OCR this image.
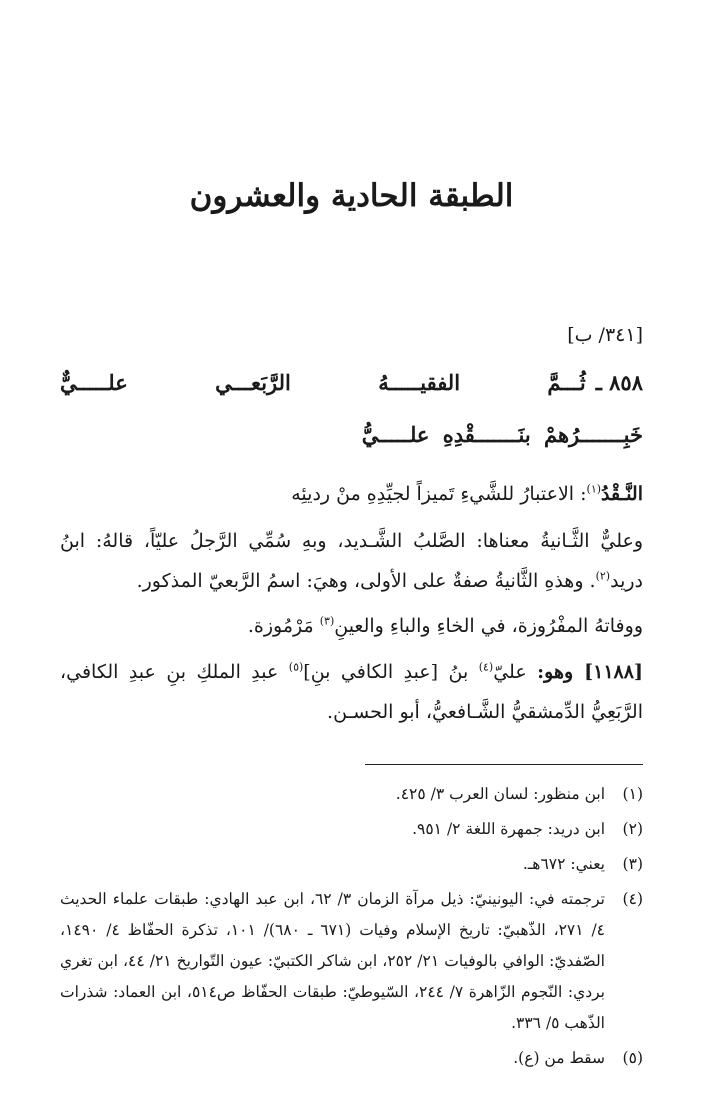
الطبقة الحادية والعشرون
[٣٤١/ ب]
٨٥٨ ـ
ثُـــمَّ الفقيـــــهُ الرَّبَعـــي علـــــيٌّ
خَبِـــــــرُهمْ بنَـــــــقْدِهِ علـــــيُّ
النَّـقْدُ$^{(١)}$: الاعتبارُ للشَّيءِ تَميزاً لجيِّدِهِ منْ رديئِه
وعليٌّ الثَّـانيةُ معناها: الصَّلبُ الشَّـديد، وبهِ سُمِّي الرَّجلُ عليّاً، قالهُ: ابنُ دريد$^{(٢)}$. وهذهِ الثَّانيةُ صفةٌ على الأولى، وهيَ: اسمُ الرَّبعيّ المذكور.
ووفاتهُ المفْرُوزة، في الخاءِ والباءِ والعينِ$^{(٣)}$ مَرْمُوزة.
[١١٨٨] وهو: عليّ$^{(٤)}$ بنُ [عبدِ الكافي بنِ]$^{(٥)}$ عبدِ الملكِ بنِ عبدِ الكافي، الرَّبَعِيُّ الدِّمشقيُّ الشَّـافعيُّ، أبو الحسـن.
(١)
ابن منظور: لسان العرب ٣/ ٤٢٥.
(٢)
ابن دريد: جمهرة اللغة ٢/ ٩٥١.
(٣)
يعني: ٦٧٢هـ.
(٤)
ترجمته في: اليونينيّ: ذيل مرآة الزمان ٣/ ٦٢، ابن عبد الهادي: طبقات علماء الحديث ٤/ ٢٧١، الذّهبيّ: تاريخ الإسلام وفيات (٦٧١ ـ ٦٨٠)/ ١٠١، تذكرة الحفّاظ ٤/ ١٤٩٠، الصّفديّ: الوافي بالوفيات ٢١/ ٢٥٢، ابن شاكر الكتبيّ: عيون التّواريخ ٢١/ ٤٤، ابن تغري بردي: النّجوم الزّاهرة ٧/ ٢٤٤، السّيوطيّ: طبقات الحفّاظ ص٥١٤، ابن العماد: شذرات الذّهب ٥/ ٣٣٦.
(٥)
سقط من (ع).
